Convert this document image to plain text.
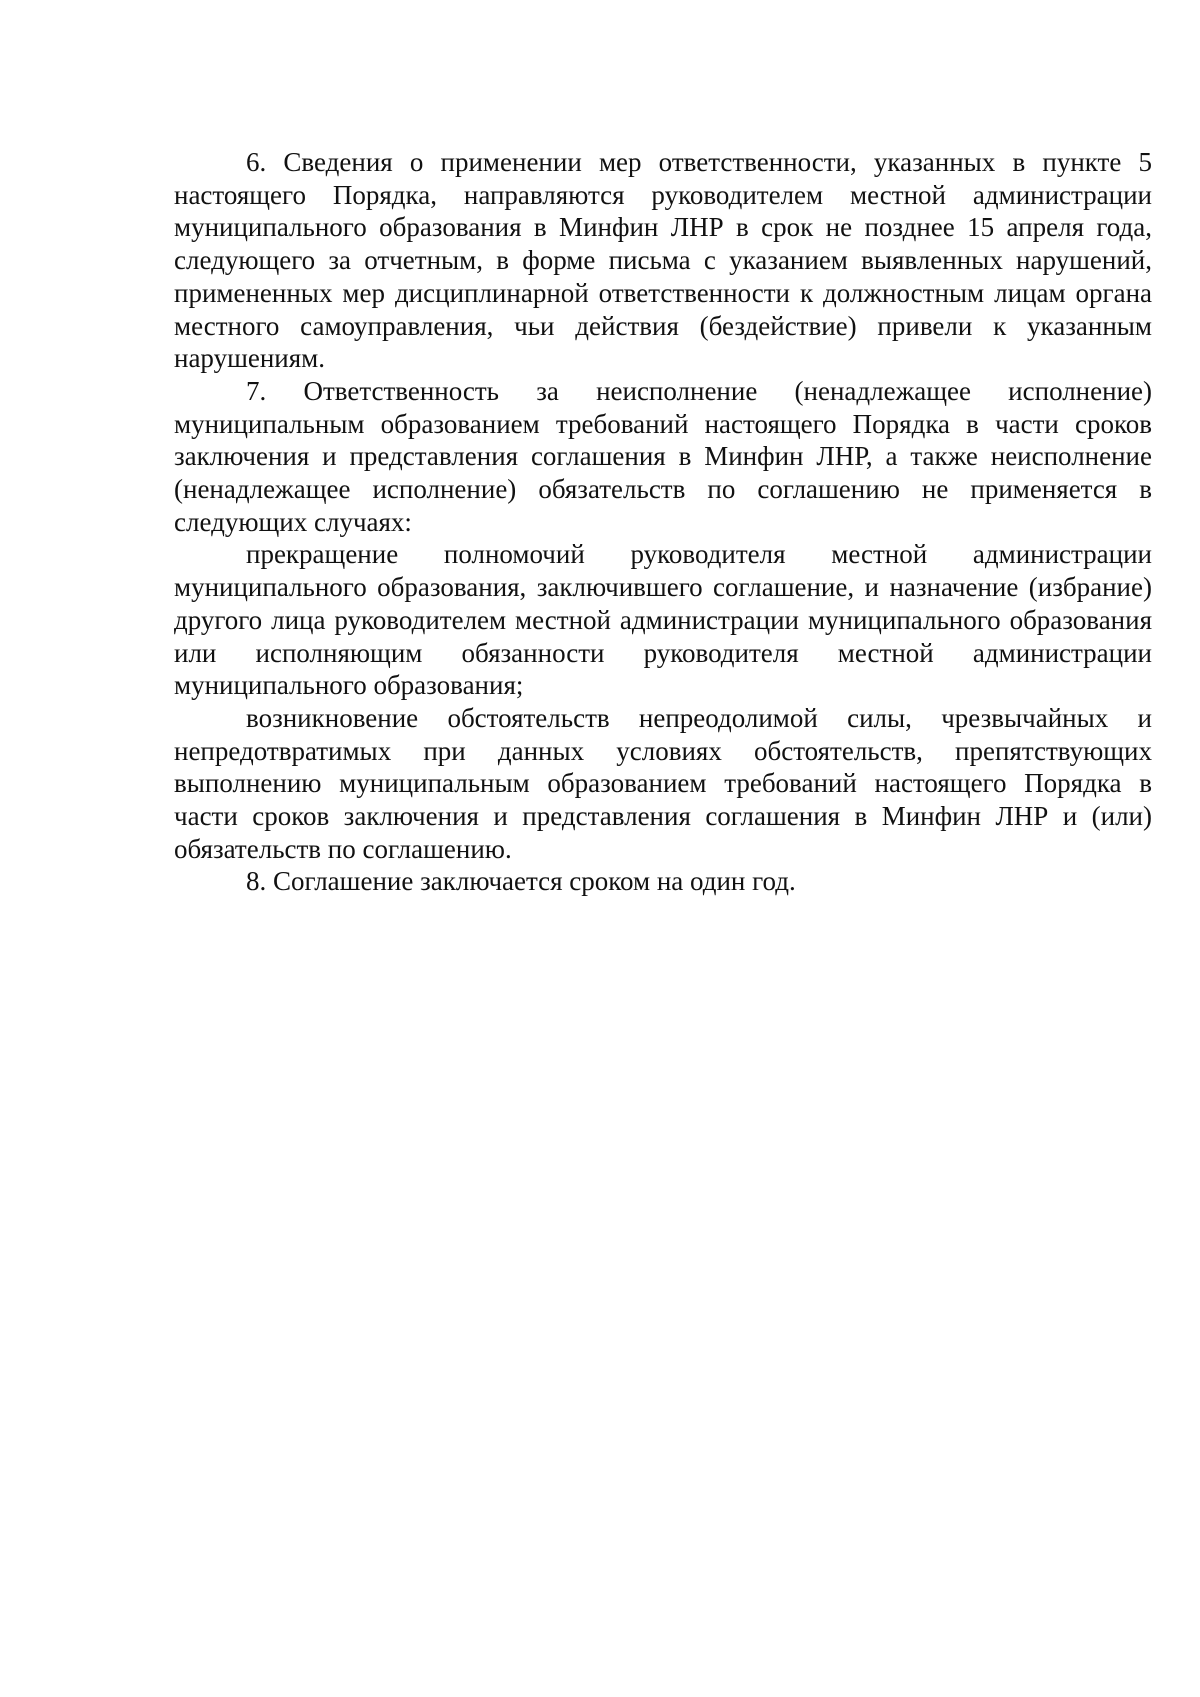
6. Сведения о применении мер ответственности, указанных в пункте 5 настоящего Порядка, направляются руководителем местной администрации муниципального образования в Минфин ЛНР в срок не позднее 15 апреля года, следующего за отчетным, в форме письма с указанием выявленных нарушений, примененных мер дисциплинарной ответственности к должностным лицам органа местного самоуправления, чьи действия (бездействие) привели к указанным нарушениям.

7. Ответственность за неисполнение (ненадлежащее исполнение) муниципальным образованием требований настоящего Порядка в части сроков заключения и представления соглашения в Минфин ЛНР, а также неисполнение (ненадлежащее исполнение) обязательств по соглашению не применяется в следующих случаях:

прекращение полномочий руководителя местной администрации муниципального образования, заключившего соглашение, и назначение (избрание) другого лица руководителем местной администрации муниципального образования или исполняющим обязанности руководителя местной администрации муниципального образования;

возникновение обстоятельств непреодолимой силы, чрезвычайных и непредотвратимых при данных условиях обстоятельств, препятствующих выполнению муниципальным образованием требований настоящего Порядка в части сроков заключения и представления соглашения в Минфин ЛНР и (или) обязательств по соглашению.

8. Соглашение заключается сроком на один год.
